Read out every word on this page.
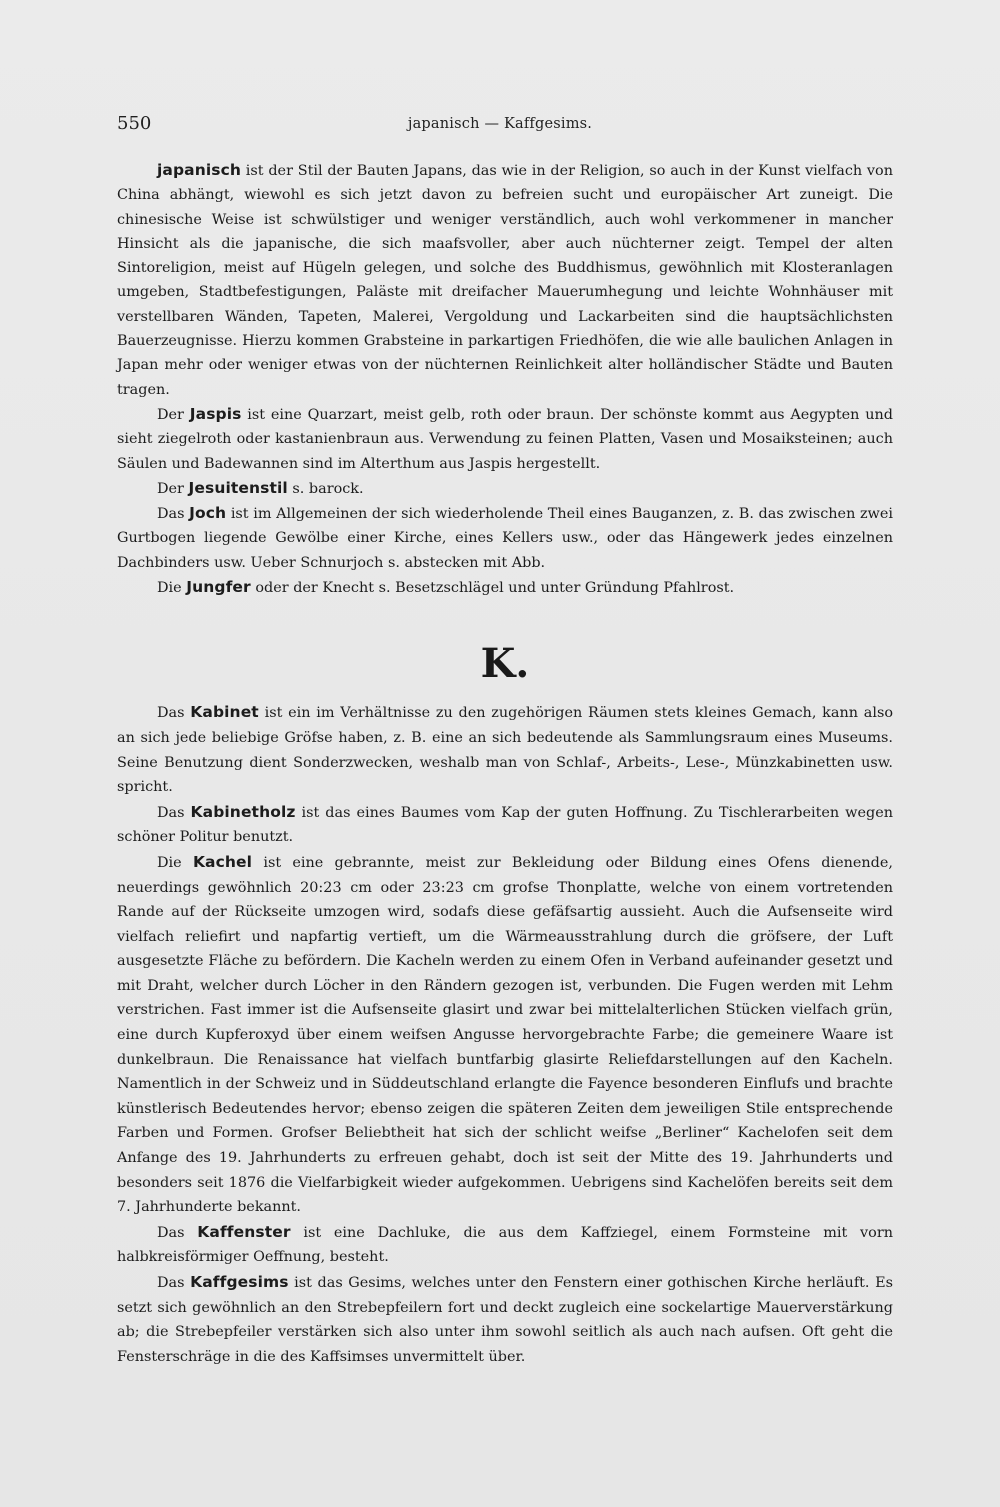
550	japanisch — Kaffgesims.

japanisch ist der Stil der Bauten Japans, das wie in der Religion, so auch in der Kunst vielfach von China abhängt, wiewohl es sich jetzt davon zu befreien sucht und europäischer Art zuneigt. Die chinesische Weise ist schwülstiger und weniger verständlich, auch wohl verkommener in mancher Hinsicht als die japanische, die sich maafsvoller, aber auch nüchterner zeigt. Tempel der alten Sintoreligion, meist auf Hügeln gelegen, und solche des Buddhismus, gewöhnlich mit Klosteranlagen umgeben, Stadtbefestigungen, Paläste mit dreifacher Mauerumhegung und leichte Wohnhäuser mit verstellbaren Wänden, Tapeten, Malerei, Vergoldung und Lackarbeiten sind die hauptsächlichsten Bauerzeugnisse. Hierzu kommen Grabsteine in parkartigen Friedhöfen, die wie alle baulichen Anlagen in Japan mehr oder weniger etwas von der nüchternen Reinlichkeit alter holländischer Städte und Bauten tragen.

Der Jaspis ist eine Quarzart, meist gelb, roth oder braun. Der schönste kommt aus Aegypten und sieht ziegelroth oder kastanienbraun aus. Verwendung zu feinen Platten, Vasen und Mosaiksteinen; auch Säulen und Badewannen sind im Alterthum aus Jaspis hergestellt.

Der Jesuitenstil s. barock.

Das Joch ist im Allgemeinen der sich wiederholende Theil eines Bauganzen, z. B. das zwischen zwei Gurtbogen liegende Gewölbe einer Kirche, eines Kellers usw., oder das Hängewerk jedes einzelnen Dachbinders usw. Ueber Schnurjoch s. abstecken mit Abb.

Die Jungfer oder der Knecht s. Besetzschlägel und unter Gründung Pfahlrost.

K.

Das Kabinet ist ein im Verhältnisse zu den zugehörigen Räumen stets kleines Gemach, kann also an sich jede beliebige Gröfse haben, z. B. eine an sich bedeutende als Sammlungsraum eines Museums. Seine Benutzung dient Sonderzwecken, weshalb man von Schlaf-, Arbeits-, Lese-, Münzkabinetten usw. spricht.

Das Kabinetholz ist das eines Baumes vom Kap der guten Hoffnung. Zu Tischlerarbeiten wegen schöner Politur benutzt.

Die Kachel ist eine gebrannte, meist zur Bekleidung oder Bildung eines Ofens dienende, neuerdings gewöhnlich 20:23 cm oder 23:23 cm grofse Thonplatte, welche von einem vortretenden Rande auf der Rückseite umzogen wird, sodafs diese gefäfsartig aussieht. Auch die Aufsenseite wird vielfach reliefirt und napfartig vertieft, um die Wärmeausstrahlung durch die gröfsere, der Luft ausgesetzte Fläche zu befördern. Die Kacheln werden zu einem Ofen in Verband aufeinander gesetzt und mit Draht, welcher durch Löcher in den Rändern gezogen ist, verbunden. Die Fugen werden mit Lehm verstrichen. Fast immer ist die Aufsenseite glasirt und zwar bei mittelalterlichen Stücken vielfach grün, eine durch Kupferoxyd über einem weifsen Angusse hervorgebrachte Farbe; die gemeinere Waare ist dunkelbraun. Die Renaissance hat vielfach buntfarbig glasirte Reliefdarstellungen auf den Kacheln. Namentlich in der Schweiz und in Süddeutschland erlangte die Fayence besonderen Einflufs und brachte künstlerisch Bedeutendes hervor; ebenso zeigen die späteren Zeiten dem jeweiligen Stile entsprechende Farben und Formen. Grofser Beliebtheit hat sich der schlicht weifse „Berliner“ Kachelofen seit dem Anfange des 19. Jahrhunderts zu erfreuen gehabt, doch ist seit der Mitte des 19. Jahrhunderts und besonders seit 1876 die Vielfarbigkeit wieder aufgekommen. Uebrigens sind Kachelöfen bereits seit dem 7. Jahrhunderte bekannt.

Das Kaffenster ist eine Dachluke, die aus dem Kaffziegel, einem Formsteine mit vorn halbkreisförmiger Oeffnung, besteht.

Das Kaffgesims ist das Gesims, welches unter den Fenstern einer gothischen Kirche herläuft. Es setzt sich gewöhnlich an den Strebepfeilern fort und deckt zugleich eine sockelartige Mauerverstärkung ab; die Strebepfeiler verstärken sich also unter ihm sowohl seitlich als auch nach aufsen. Oft geht die Fensterschräge in die des Kaffsimses unvermittelt über.
